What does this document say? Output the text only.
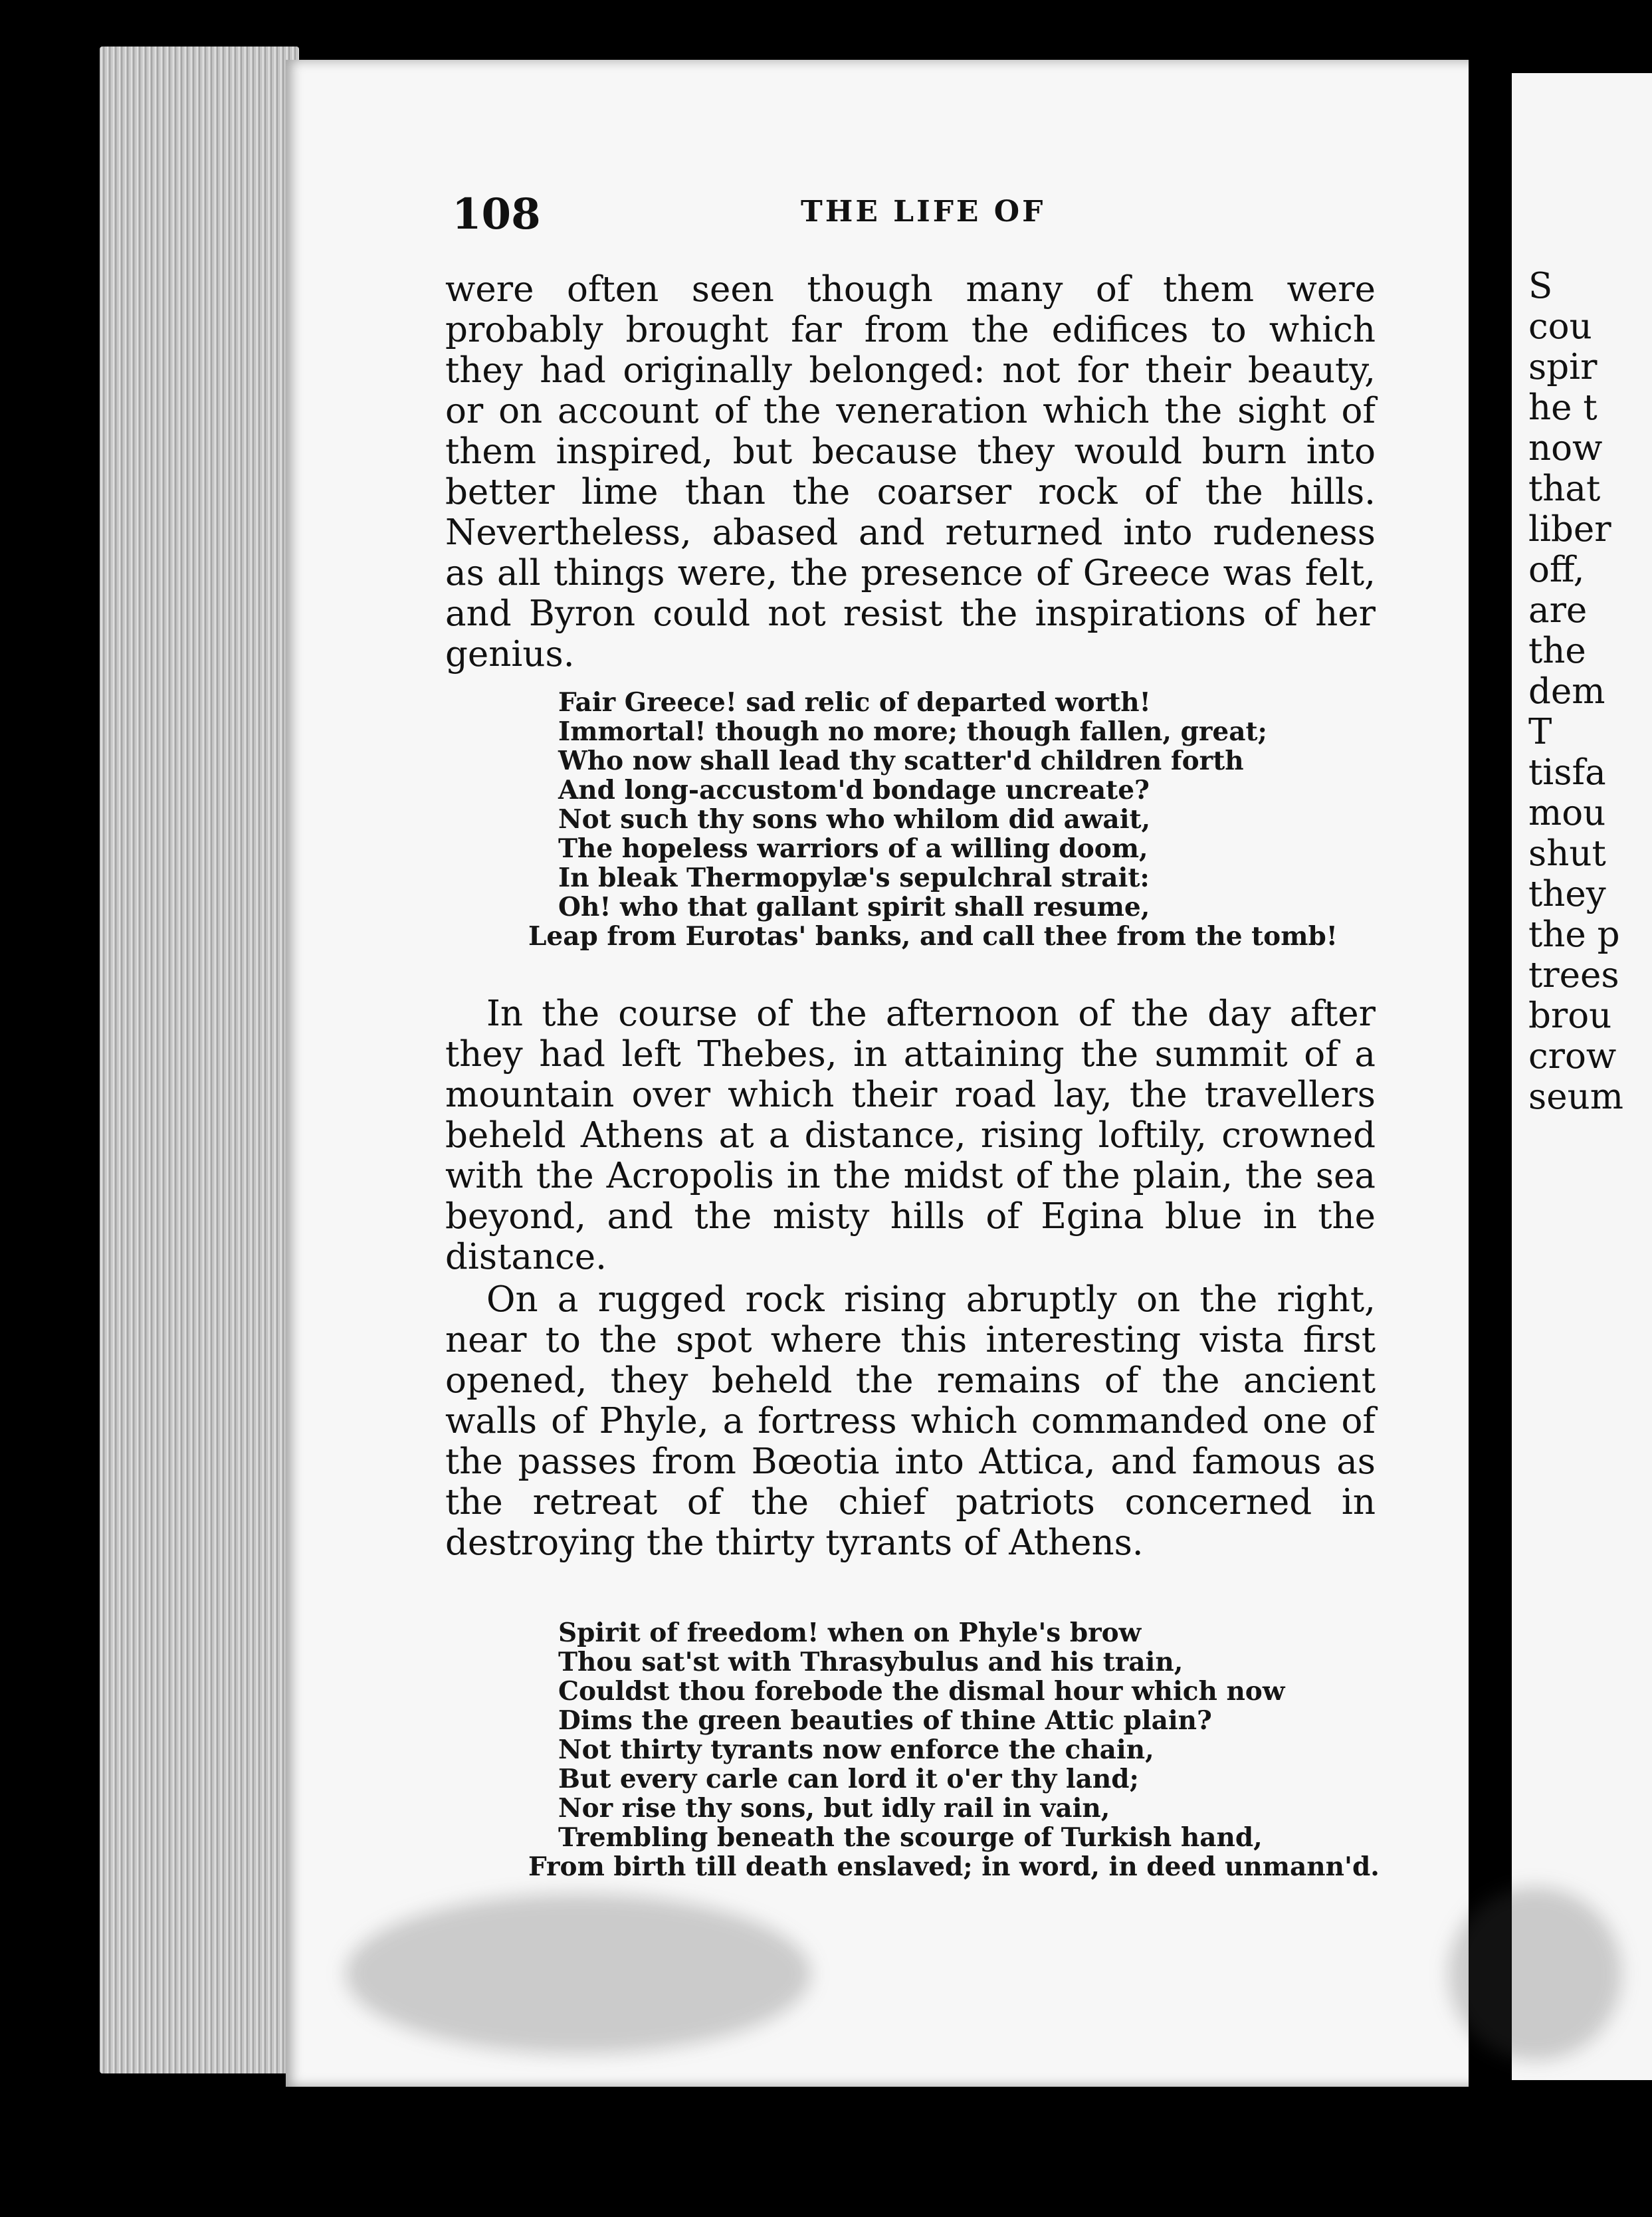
S
cou
spir
he t
now
that
liber
off,
are
the
dem
T
tisfa
mou
shut
they
the p
trees
brou
crow
seum
108	THE LIFE OF

were often seen though many of them were probably brought far from the edifices to which they had originally belonged: not for their beauty, or on account of the veneration which the sight of them inspired, but because they would burn into better lime than the coarser rock of the hills. Nevertheless, abased and returned into rudeness as all things were, the presence of Greece was felt, and Byron could not resist the inspirations of her genius.

Fair Greece! sad relic of departed worth!
Immortal! though no more; though fallen, great;
Who now shall lead thy scatter'd children forth
And long-accustom'd bondage uncreate?
Not such thy sons who whilom did await,
The hopeless warriors of a willing doom,
In bleak Thermopylæ's sepulchral strait:
Oh! who that gallant spirit shall resume,
Leap from Eurotas' banks, and call thee from the tomb!

In the course of the afternoon of the day after they had left Thebes, in attaining the summit of a mountain over which their road lay, the travellers beheld Athens at a distance, rising loftily, crowned with the Acropolis in the midst of the plain, the sea beyond, and the misty hills of Egina blue in the distance.

On a rugged rock rising abruptly on the right, near to the spot where this interesting vista first opened, they beheld the remains of the ancient walls of Phyle, a fortress which commanded one of the passes from Bœotia into Attica, and famous as the retreat of the chief patriots concerned in destroying the thirty tyrants of Athens.

Spirit of freedom! when on Phyle's brow
Thou sat'st with Thrasybulus and his train,
Couldst thou forebode the dismal hour which now
Dims the green beauties of thine Attic plain?
Not thirty tyrants now enforce the chain,
But every carle can lord it o'er thy land;
Nor rise thy sons, but idly rail in vain,
Trembling beneath the scourge of Turkish hand,
From birth till death enslaved; in word, in deed unmann'd.
